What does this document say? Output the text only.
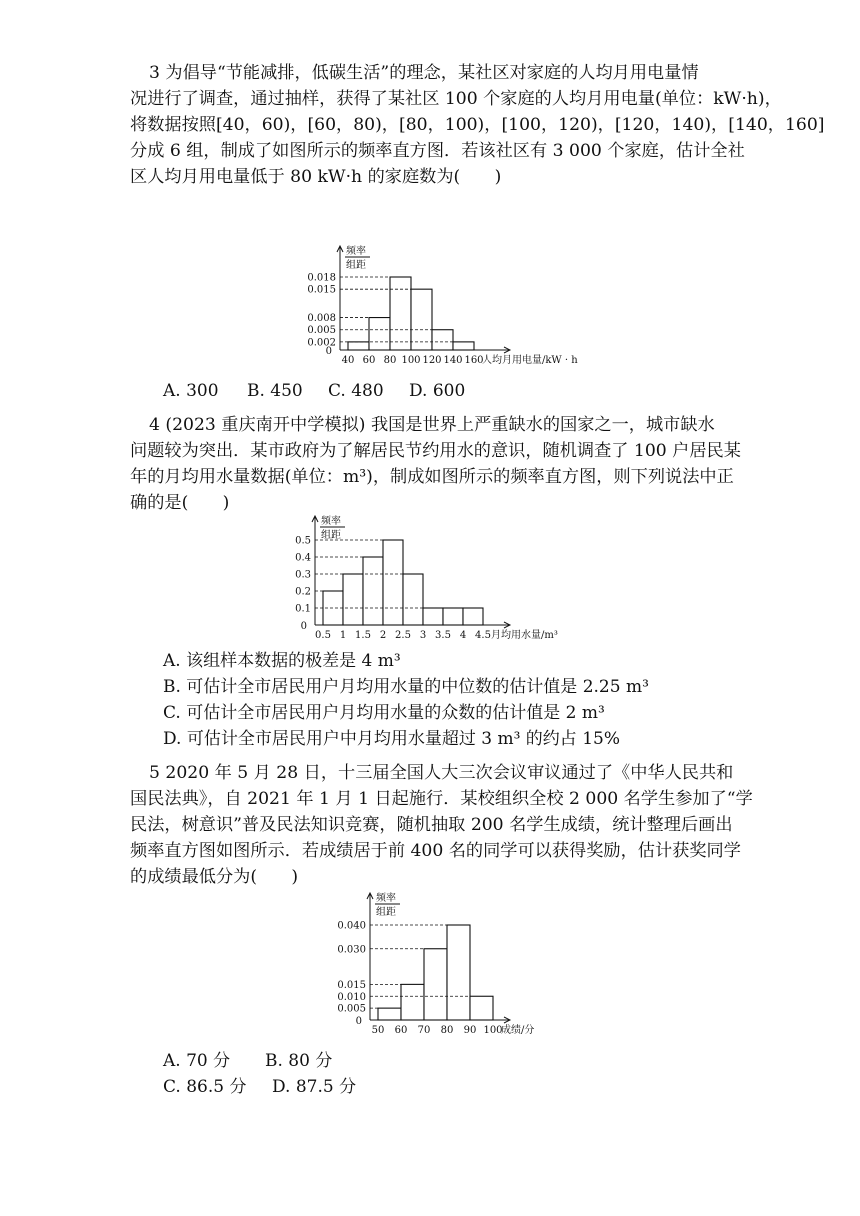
3 为倡导“节能减排，低碳生活”的理念，某社区对家庭的人均月用电量情
况进行了调查，通过抽样，获得了某社区 100 个家庭的人均月用电量(单位：kW·h)，
将数据按照[40，60)，[60，80)，[80，100)，[100，120)，[120，140)，[140，160]
分成 6 组，制成了如图所示的频率直方图．若该社区有 3 000 个家庭，估计全社
区人均月用电量低于 80 kW·h 的家庭数为(　　)
频率
组距
0
0.018
0.015
0.008
0.005
0.002
40 60 80 100 120 140 160
人均月用电量/kW · h
A. 300 B. 450 C. 480 D. 600
4 (2023 重庆南开中学模拟) 我国是世界上严重缺水的国家之一，城市缺水
问题较为突出．某市政府为了解居民节约用水的意识，随机调查了 100 户居民某
年的月均用水量数据(单位：m³)，制成如图所示的频率直方图，则下列说法中正
确的是(　　)
频率
组距
0
0.5
0.4
0.3
0.2
0.1
0.5 1 1.5 2 2.5 3 3.5 4 4.5 月均用水量/m³
A. 该组样本数据的极差是 4 m³
B. 可估计全市居民用户月均用水量的中位数的估计值是 2.25 m³
C. 可估计全市居民用户月均用水量的众数的估计值是 2 m³
D. 可估计全市居民用户中月均用水量超过 3 m³ 的约占 15%
5 2020 年 5 月 28 日，十三届全国人大三次会议审议通过了《中华人民共和
国民法典》，自 2021 年 1 月 1 日起施行．某校组织全校 2 000 名学生参加了“学
民法，树意识”普及民法知识竞赛，随机抽取 200 名学生成绩，统计整理后画出
频率直方图如图所示．若成绩居于前 400 名的同学可以获得奖励，估计获奖同学
的成绩最低分为(　　)
频率
组距
0
0.040
0.030
0.015
0.010
0.005
50 60 70 80 90 100
成绩/分
A. 70 分 B. 80 分
C. 86.5 分 D. 87.5 分
